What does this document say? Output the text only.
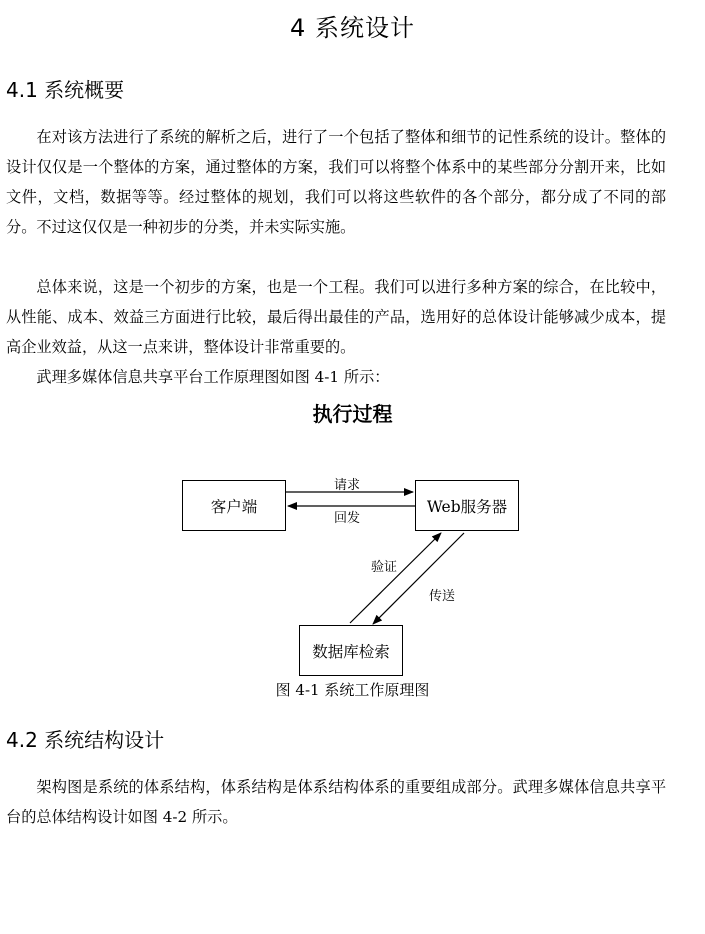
4 系统设计
4.1 系统概要

在对该方法进行了系统的解析之后，进行了一个包括了整体和细节的记性系统的设计。整体的设计仅仅是一个整体的方案，通过整体的方案，我们可以将整个体系中的某些部分分割开来，比如文件，文档，数据等等。经过整体的规划，我们可以将这些软件的各个部分，都分成了不同的部分。不过这仅仅是一种初步的分类，并未实际实施。

总体来说，这是一个初步的方案，也是一个工程。我们可以进行多种方案的综合，在比较中，从性能、成本、效益三方面进行比较，最后得出最佳的产品，选用好的总体设计能够减少成本，提高企业效益，从这一点来讲，整体设计非常重要的。

武理多媒体信息共享平台工作原理图如图 4-1 所示：

执行过程
客户端	Web服务器
数据库检索
请求
回发
验证
传送
图 4-1 系统工作原理图
4.2 系统结构设计

架构图是系统的体系结构，体系结构是体系结构体系的重要组成部分。武理多媒体信息共享平台的总体结构设计如图 4-2 所示。
